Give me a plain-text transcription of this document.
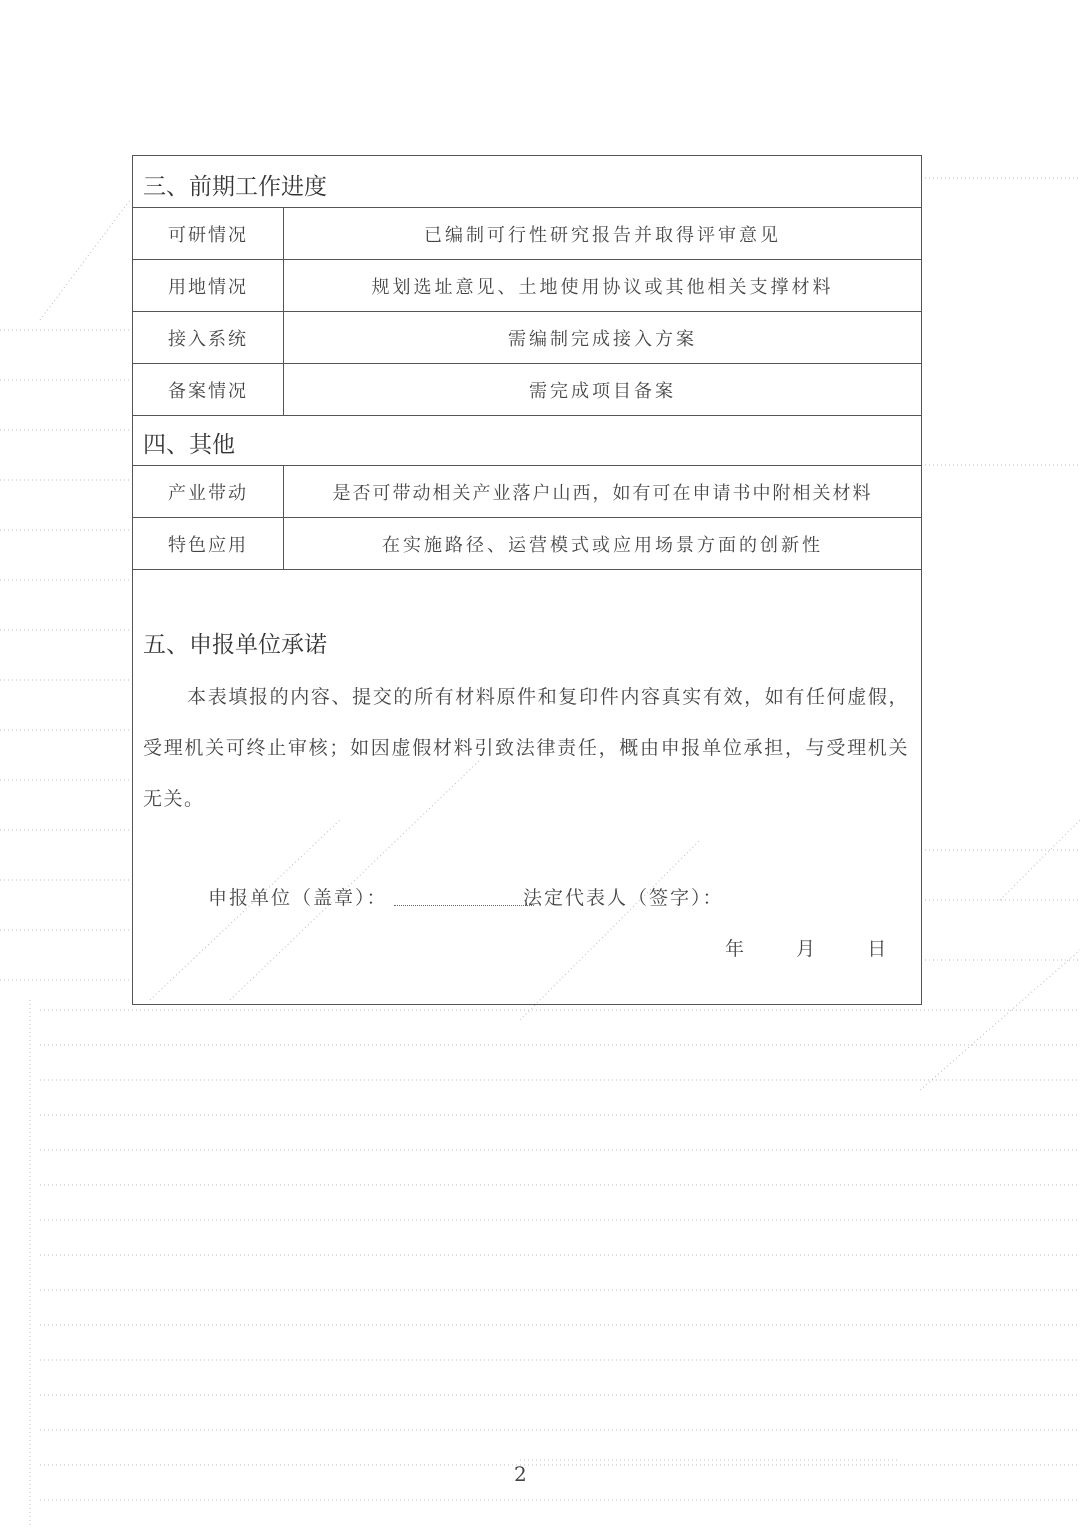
三、前期工作进度
可研情况	已编制可行性研究报告并取得评审意见
用地情况	规划选址意见、土地使用协议或其他相关支撑材料
接入系统	需编制完成接入方案
备案情况	需完成项目备案
四、其他
产业带动	是否可带动相关产业落户山西，如有可在申请书中附相关材料
特色应用	在实施路径、运营模式或应用场景方面的创新性
五、申报单位承诺
本表填报的内容、提交的所有材料原件和复印件内容真实有效，如有任何虚假，受理机关可终止审核；如因虚假材料引致法律责任，概由申报单位承担，与受理机关无关。
申报单位（盖章）：	法定代表人（签字）：
年	月	日
2
